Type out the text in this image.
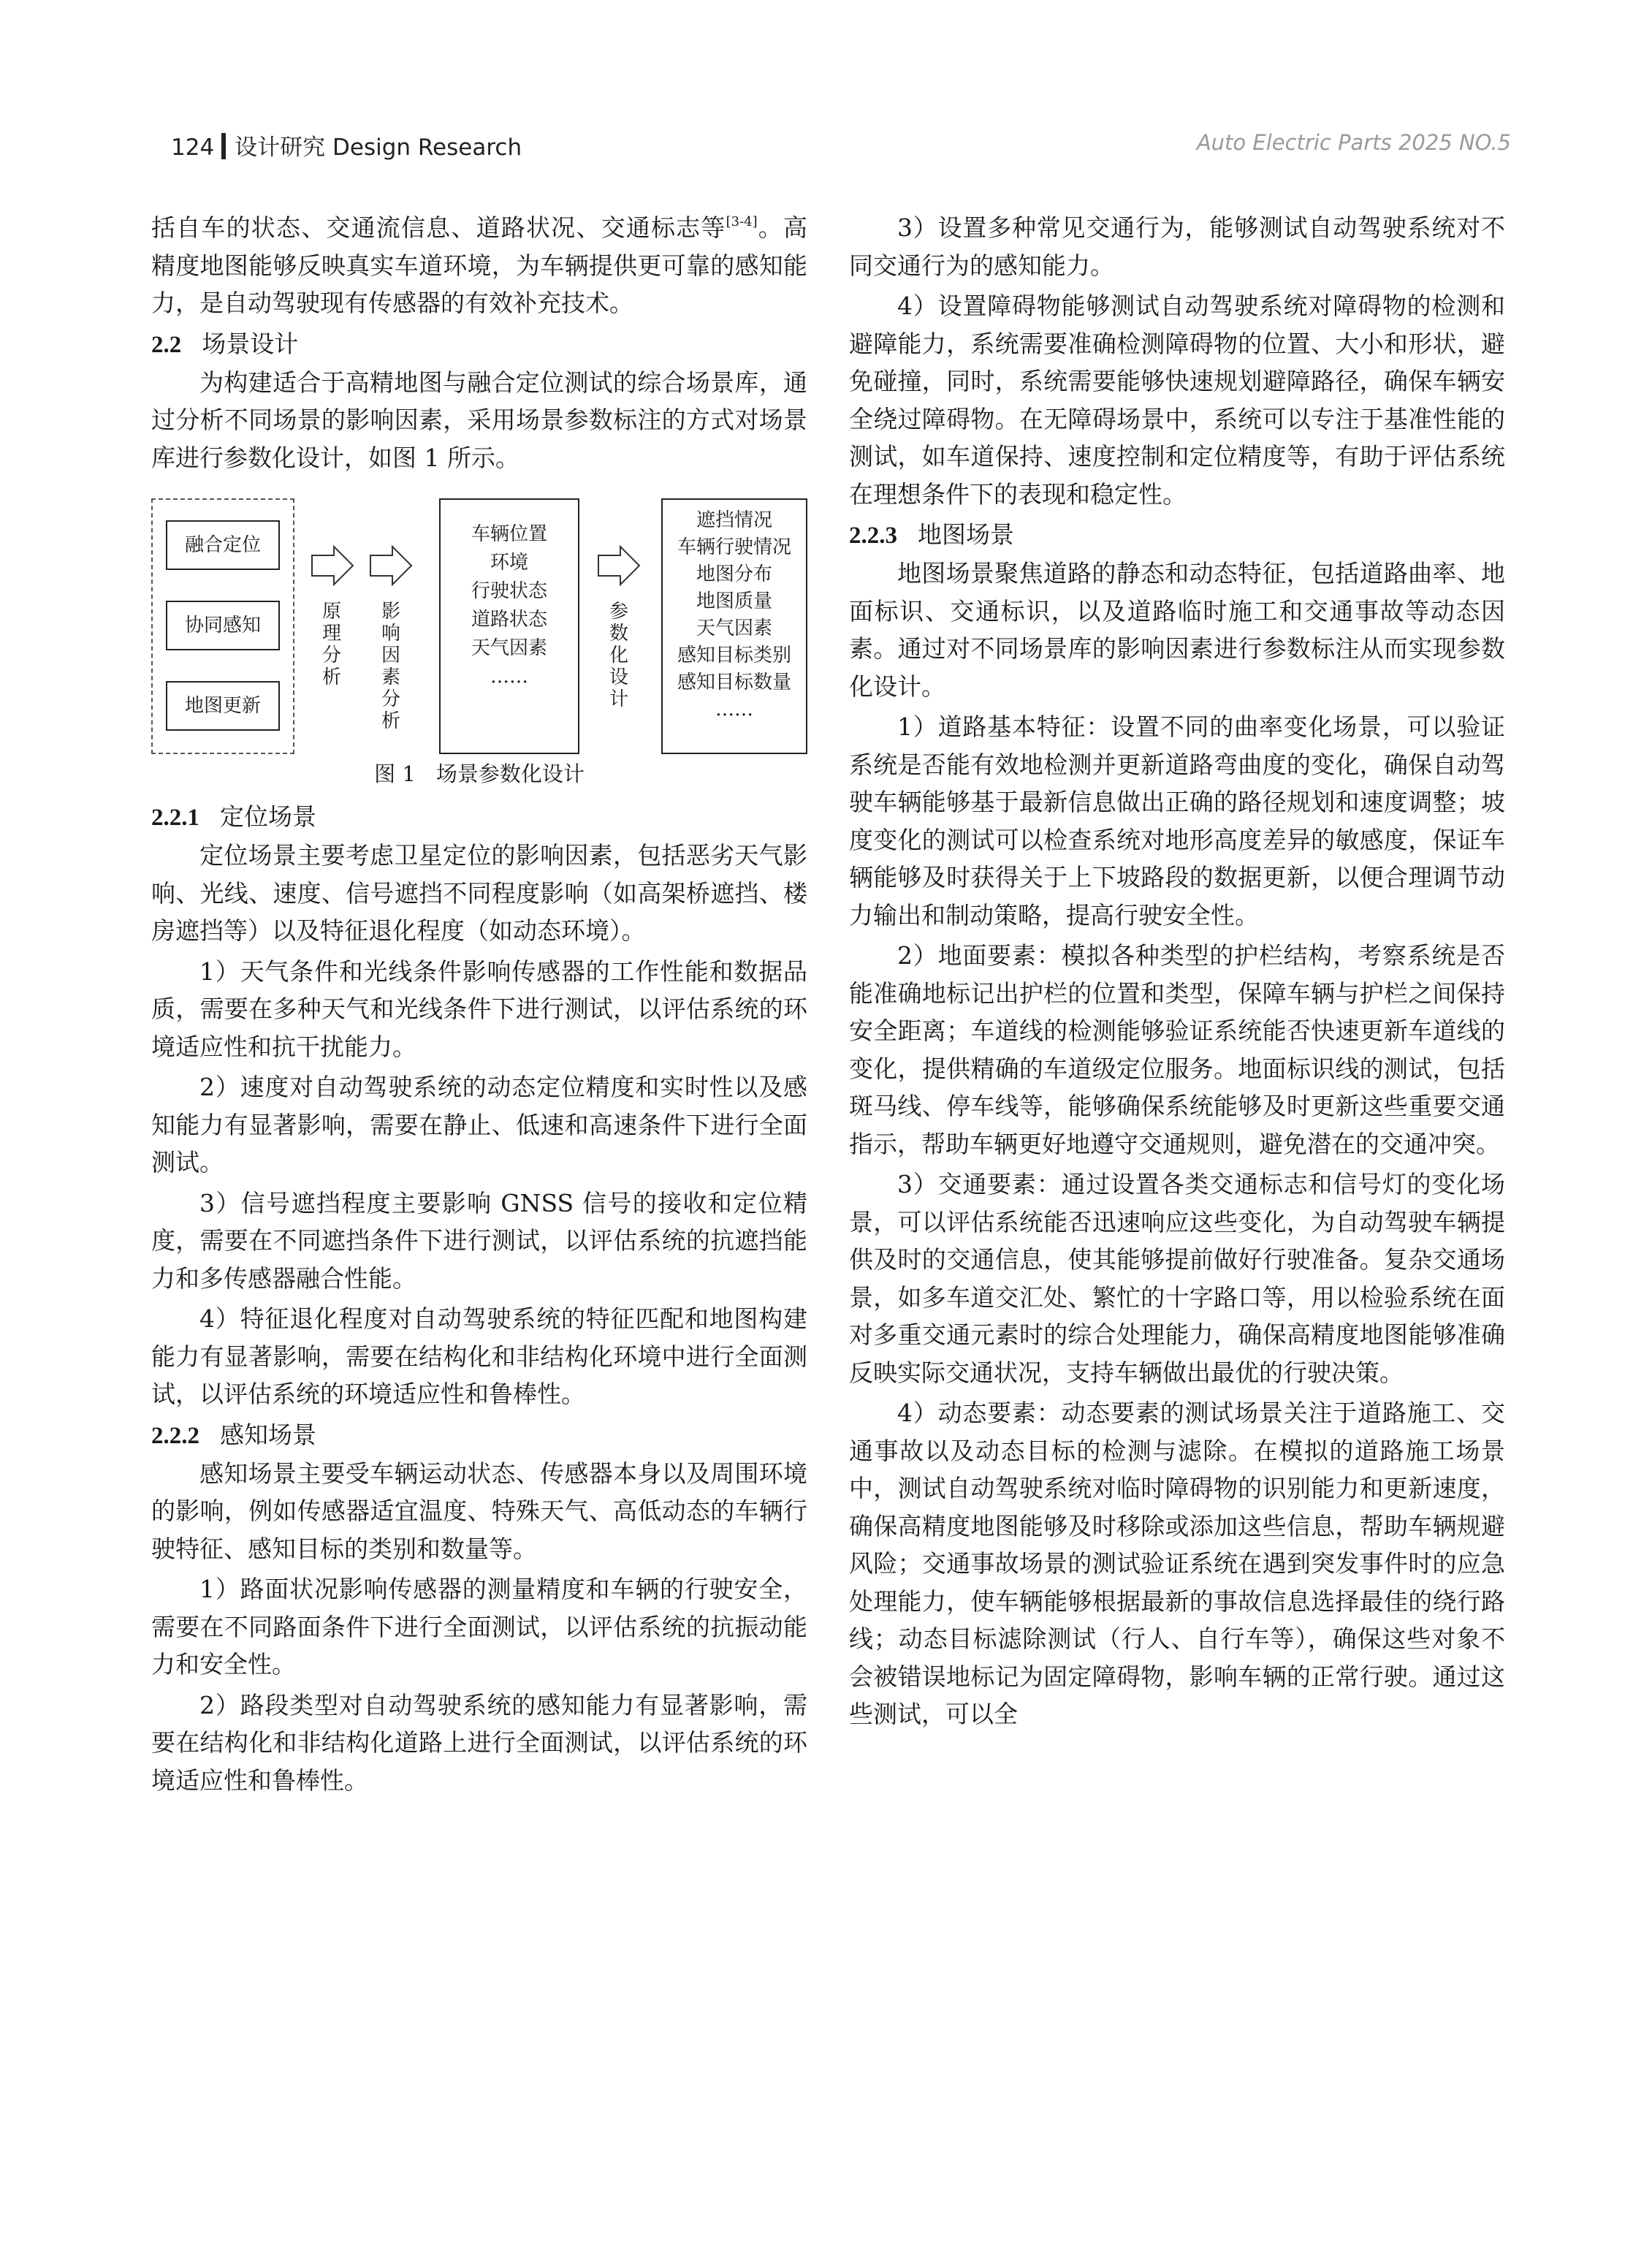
124 设计研究 Design Research	Auto Electric Parts 2025 NO.5

括自车的状态、交通流信息、道路状况、交通标志等[3-4]。高精度地图能够反映真实车道环境，为车辆提供更可靠的感知能力，是自动驾驶现有传感器的有效补充技术。

2.2 场景设计

为构建适合于高精地图与融合定位测试的综合场景库，通过分析不同场景的影响因素，采用场景参数标注的方式对场景库进行参数化设计，如图 1 所示。

融合定位
协同感知
地图更新
原理分析
影响因素分析
车辆位置
环境
行驶状态
道路状态
天气因素
……
参数化设计
遮挡情况
车辆行驶情况
地图分布
地图质量
天气因素
感知目标类别
感知目标数量
……
图 1 场景参数化设计
2.2.1 定位场景

定位场景主要考虑卫星定位的影响因素，包括恶劣天气影响、光线、速度、信号遮挡不同程度影响（如高架桥遮挡、楼房遮挡等）以及特征退化程度（如动态环境）。

1）天气条件和光线条件影响传感器的工作性能和数据品质，需要在多种天气和光线条件下进行测试，以评估系统的环境适应性和抗干扰能力。

2）速度对自动驾驶系统的动态定位精度和实时性以及感知能力有显著影响，需要在静止、低速和高速条件下进行全面测试。

3）信号遮挡程度主要影响 GNSS 信号的接收和定位精度，需要在不同遮挡条件下进行测试，以评估系统的抗遮挡能力和多传感器融合性能。

4）特征退化程度对自动驾驶系统的特征匹配和地图构建能力有显著影响，需要在结构化和非结构化环境中进行全面测试，以评估系统的环境适应性和鲁棒性。

2.2.2 感知场景

感知场景主要受车辆运动状态、传感器本身以及周围环境的影响，例如传感器适宜温度、特殊天气、高低动态的车辆行驶特征、感知目标的类别和数量等。

1）路面状况影响传感器的测量精度和车辆的行驶安全，需要在不同路面条件下进行全面测试，以评估系统的抗振动能力和安全性。

2）路段类型对自动驾驶系统的感知能力有显著影响，需要在结构化和非结构化道路上进行全面测试，以评估系统的环境适应性和鲁棒性。

3）设置多种常见交通行为，能够测试自动驾驶系统对不同交通行为的感知能力。

4）设置障碍物能够测试自动驾驶系统对障碍物的检测和避障能力，系统需要准确检测障碍物的位置、大小和形状，避免碰撞，同时，系统需要能够快速规划避障路径，确保车辆安全绕过障碍物。在无障碍场景中，系统可以专注于基准性能的测试，如车道保持、速度控制和定位精度等，有助于评估系统在理想条件下的表现和稳定性。

2.2.3 地图场景

地图场景聚焦道路的静态和动态特征，包括道路曲率、地面标识、交通标识，以及道路临时施工和交通事故等动态因素。通过对不同场景库的影响因素进行参数标注从而实现参数化设计。

1）道路基本特征：设置不同的曲率变化场景，可以验证系统是否能有效地检测并更新道路弯曲度的变化，确保自动驾驶车辆能够基于最新信息做出正确的路径规划和速度调整；坡度变化的测试可以检查系统对地形高度差异的敏感度，保证车辆能够及时获得关于上下坡路段的数据更新，以便合理调节动力输出和制动策略，提高行驶安全性。

2）地面要素：模拟各种类型的护栏结构，考察系统是否能准确地标记出护栏的位置和类型，保障车辆与护栏之间保持安全距离；车道线的检测能够验证系统能否快速更新车道线的变化，提供精确的车道级定位服务。地面标识线的测试，包括斑马线、停车线等，能够确保系统能够及时更新这些重要交通指示，帮助车辆更好地遵守交通规则，避免潜在的交通冲突。

3）交通要素：通过设置各类交通标志和信号灯的变化场景，可以评估系统能否迅速响应这些变化，为自动驾驶车辆提供及时的交通信息，使其能够提前做好行驶准备。复杂交通场景，如多车道交汇处、繁忙的十字路口等，用以检验系统在面对多重交通元素时的综合处理能力，确保高精度地图能够准确反映实际交通状况，支持车辆做出最优的行驶决策。

4）动态要素：动态要素的测试场景关注于道路施工、交通事故以及动态目标的检测与滤除。在模拟的道路施工场景中，测试自动驾驶系统对临时障碍物的识别能力和更新速度，确保高精度地图能够及时移除或添加这些信息，帮助车辆规避风险；交通事故场景的测试验证系统在遇到突发事件时的应急处理能力，使车辆能够根据最新的事故信息选择最佳的绕行路线；动态目标滤除测试（行人、自行车等），确保这些对象不会被错误地标记为固定障碍物，影响车辆的正常行驶。通过这些测试，可以全
